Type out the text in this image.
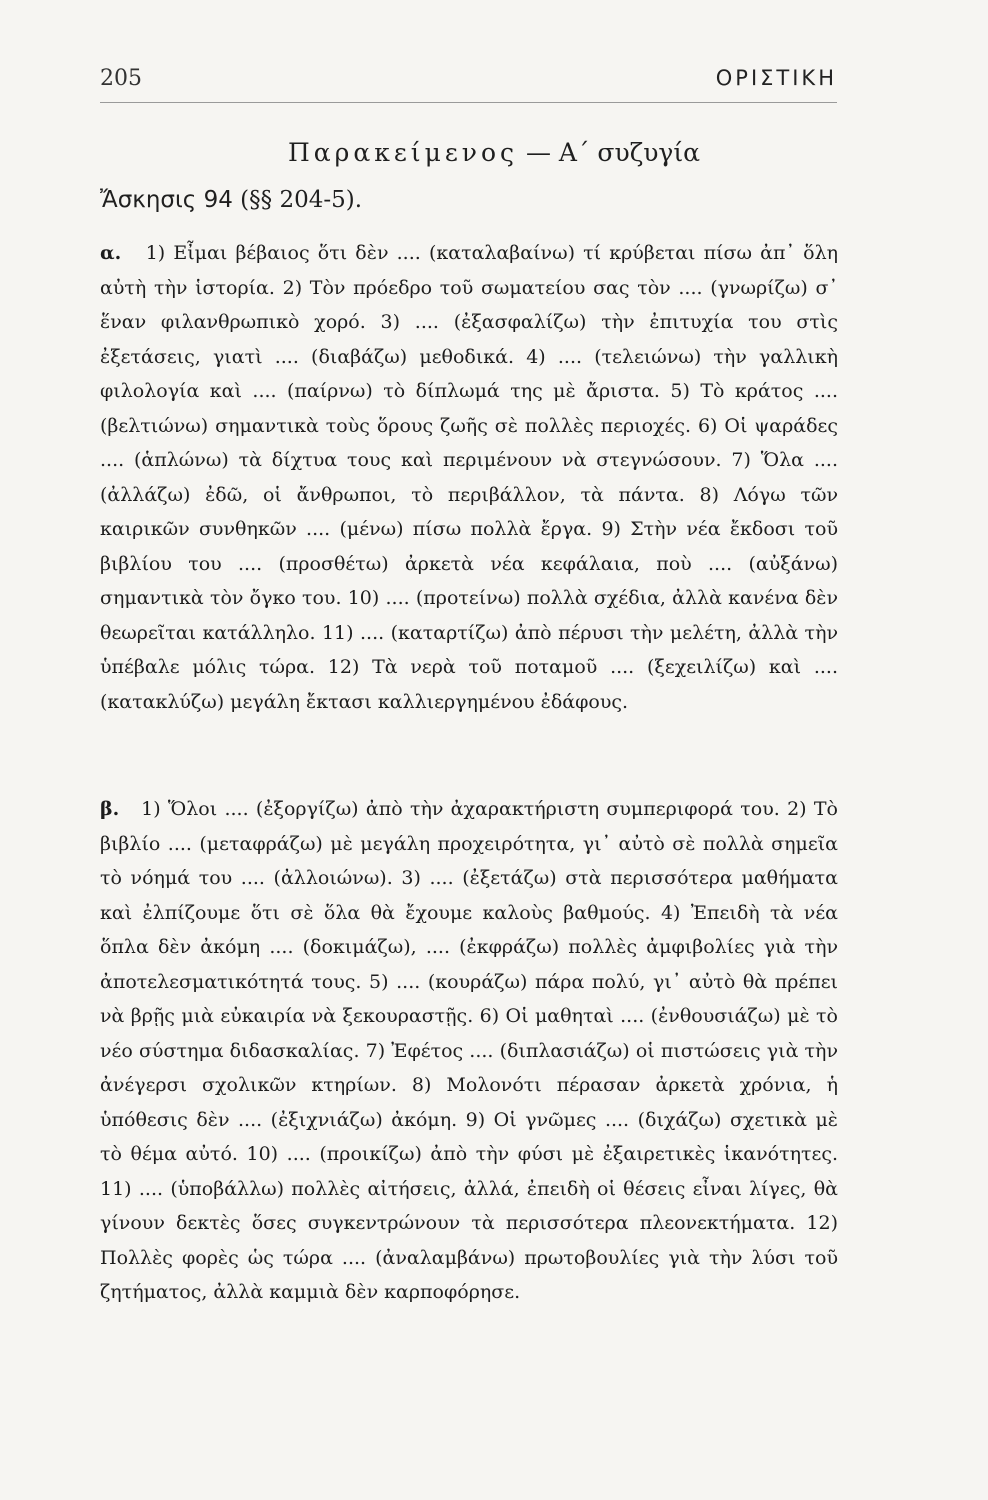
205	ΟΡΙΣΤΙΚΗ
Παρακείμενος — Α΄ συζυγία
Ἄσκησις 94 (§§ 204-5).
α. 1) Εἶμαι βέβαιος ὅτι δὲν .... (καταλαβαίνω) τί κρύβεται πίσω ἀπ᾽ ὅλη αὐτὴ τὴν ἱστορία. 2) Τὸν πρόεδρο τοῦ σωματείου σας τὸν .... (γνωρίζω) σ᾽ ἕναν φιλανθρωπικὸ χορό. 3) .... (ἐξασφαλίζω) τὴν ἐπιτυχία του στὶς ἐξετάσεις, γιατὶ .... (διαβάζω) μεθοδικά. 4) .... (τελειώνω) τὴν γαλλικὴ φιλολογία καὶ .... (παίρνω) τὸ δίπλωμά της μὲ ἄριστα. 5) Τὸ κράτος .... (βελτιώνω) σημαντικὰ τοὺς ὅρους ζωῆς σὲ πολλὲς περιοχές. 6) Οἱ ψαράδες .... (ἁπλώνω) τὰ δίχτυα τους καὶ περιμένουν νὰ στεγνώσουν. 7) Ὅλα .... (ἀλλάζω) ἐδῶ, οἱ ἄνθρωποι, τὸ περιβάλλον, τὰ πάντα. 8) Λόγω τῶν καιρικῶν συνθηκῶν .... (μένω) πίσω πολλὰ ἔργα. 9) Στὴν νέα ἔκδοσι τοῦ βιβλίου του .... (προσθέτω) ἀρκετὰ νέα κεφάλαια, ποὺ .... (αὐξάνω) σημαντικὰ τὸν ὄγκο του. 10) .... (προτείνω) πολλὰ σχέδια, ἀλλὰ κανένα δὲν θεωρεῖται κατάλληλο. 11) .... (καταρτίζω) ἀπὸ πέρυσι τὴν μελέτη, ἀλλὰ τὴν ὑπέβαλε μόλις τώρα. 12) Τὰ νερὰ τοῦ ποταμοῦ .... (ξεχειλίζω) καὶ .... (κατακλύζω) μεγάλη ἔκτασι καλλιεργημένου ἐδάφους.
β. 1) Ὅλοι .... (ἐξοργίζω) ἀπὸ τὴν ἀχαρακτήριστη συμπεριφορά του. 2) Τὸ βιβλίο .... (μεταφράζω) μὲ μεγάλη προχειρότητα, γι᾽ αὐτὸ σὲ πολλὰ σημεῖα τὸ νόημά του .... (ἀλλοιώνω). 3) .... (ἐξετάζω) στὰ περισσότερα μαθήματα καὶ ἐλπίζουμε ὅτι σὲ ὅλα θὰ ἔχουμε καλοὺς βαθμούς. 4) Ἐπειδὴ τὰ νέα ὅπλα δὲν ἀκόμη .... (δοκιμάζω), .... (ἐκφράζω) πολλὲς ἀμφιβολίες γιὰ τὴν ἀποτελεσματικότητά τους. 5) .... (κουράζω) πάρα πολύ, γι᾽ αὐτὸ θὰ πρέπει νὰ βρῇς μιὰ εὐκαιρία νὰ ξεκουραστῇς. 6) Οἱ μαθηταὶ .... (ἐνθουσιάζω) μὲ τὸ νέο σύστημα διδασκαλίας. 7) Ἐφέτος .... (διπλασιάζω) οἱ πιστώσεις γιὰ τὴν ἀνέγερσι σχολικῶν κτηρίων. 8) Μολονότι πέρασαν ἀρκετὰ χρόνια, ἡ ὑπόθεσις δὲν .... (ἐξιχνιάζω) ἀκόμη. 9) Οἱ γνῶμες .... (διχάζω) σχετικὰ μὲ τὸ θέμα αὐτό. 10) .... (προικίζω) ἀπὸ τὴν φύσι μὲ ἐξαιρετικὲς ἱκανότητες. 11) .... (ὑποβάλλω) πολλὲς αἰτήσεις, ἀλλά, ἐπειδὴ οἱ θέσεις εἶναι λίγες, θὰ γίνουν δεκτὲς ὅσες συγκεντρώνουν τὰ περισσότερα πλεονεκτήματα. 12) Πολλὲς φορὲς ὡς τώρα .... (ἀναλαμβάνω) πρωτοβουλίες γιὰ τὴν λύσι τοῦ ζητήματος, ἀλλὰ καμμιὰ δὲν καρποφόρησε.
